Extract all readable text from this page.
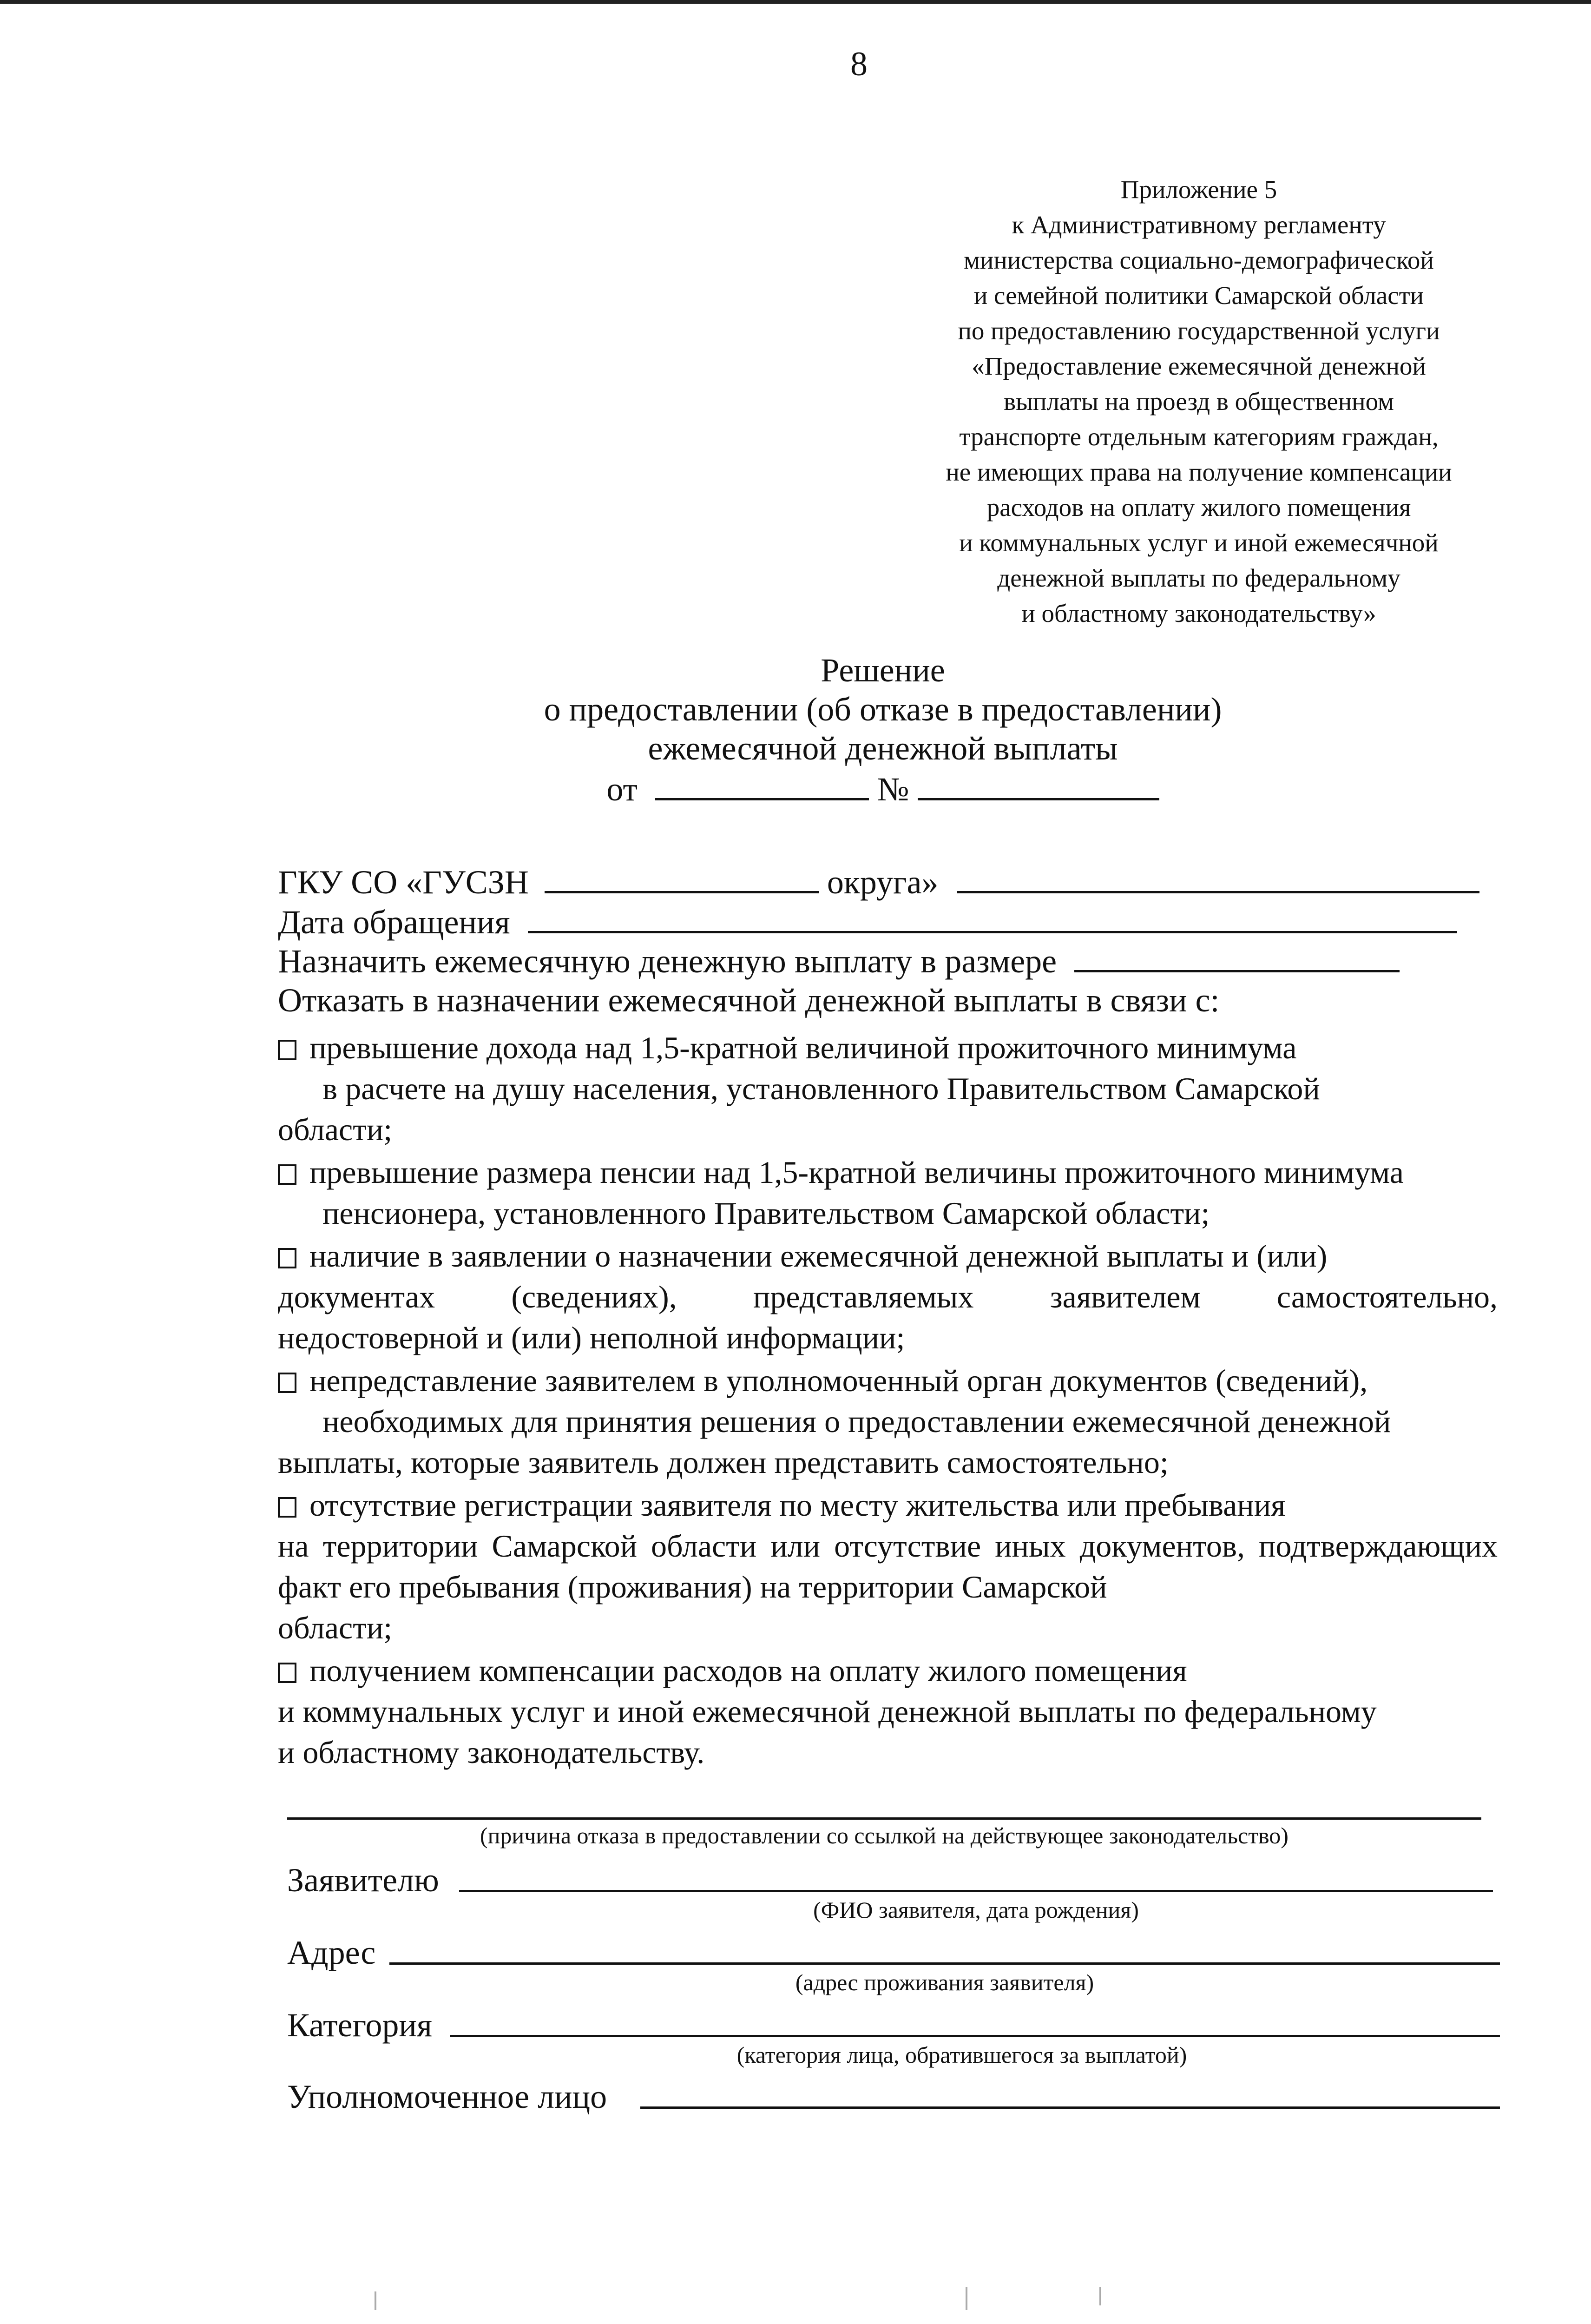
8
Приложение 5
к Административному регламенту
министерства социально-демографической
и семейной политики Самарской области
по предоставлению государственной услуги
«Предоставление ежемесячной денежной
выплаты на проезд в общественном
транспорте отдельным категориям граждан,
не имеющих права на получение компенсации
расходов на оплату жилого помещения
и коммунальных услуг и иной ежемесячной
денежной выплаты по федеральному
и областному законодательству»
Решение
о предоставлении (об отказе в предоставлении)
ежемесячной денежной выплаты
от	№
ГКУ СО «ГУСЗН	округа»
Дата обращения
Назначить ежемесячную денежную выплату в размере
Отказать в назначении ежемесячной денежной выплаты в связи с:
превышение дохода над 1,5-кратной величиной прожиточного минимума
в расчете на душу населения, установленного Правительством Самарской
области;
превышение размера пенсии над 1,5-кратной величины прожиточного минимума
пенсионера, установленного Правительством Самарской области;
наличие в заявлении о назначении ежемесячной денежной выплаты и (или)
документах (сведениях), представляемых заявителем самостоятельно,
недостоверной и (или) неполной информации;
непредставление заявителем в уполномоченный орган документов (сведений),
необходимых для принятия решения о предоставлении ежемесячной денежной
выплаты, которые заявитель должен представить самостоятельно;
отсутствие регистрации заявителя по месту жительства или пребывания
на территории Самарской области или отсутствие иных документов, подтверждающих факт его пребывания (проживания) на территории Самарской
области;
получением компенсации расходов на оплату жилого помещения
и коммунальных услуг и иной ежемесячной денежной выплаты по федеральному
и областному законодательству.
(причина отказа в предоставлении со ссылкой на действующее законодательство)
Заявителю
(ФИО заявителя, дата рождения)
Адрес
(адрес проживания заявителя)
Категория
(категория лица, обратившегося за выплатой)
Уполномоченное лицо
